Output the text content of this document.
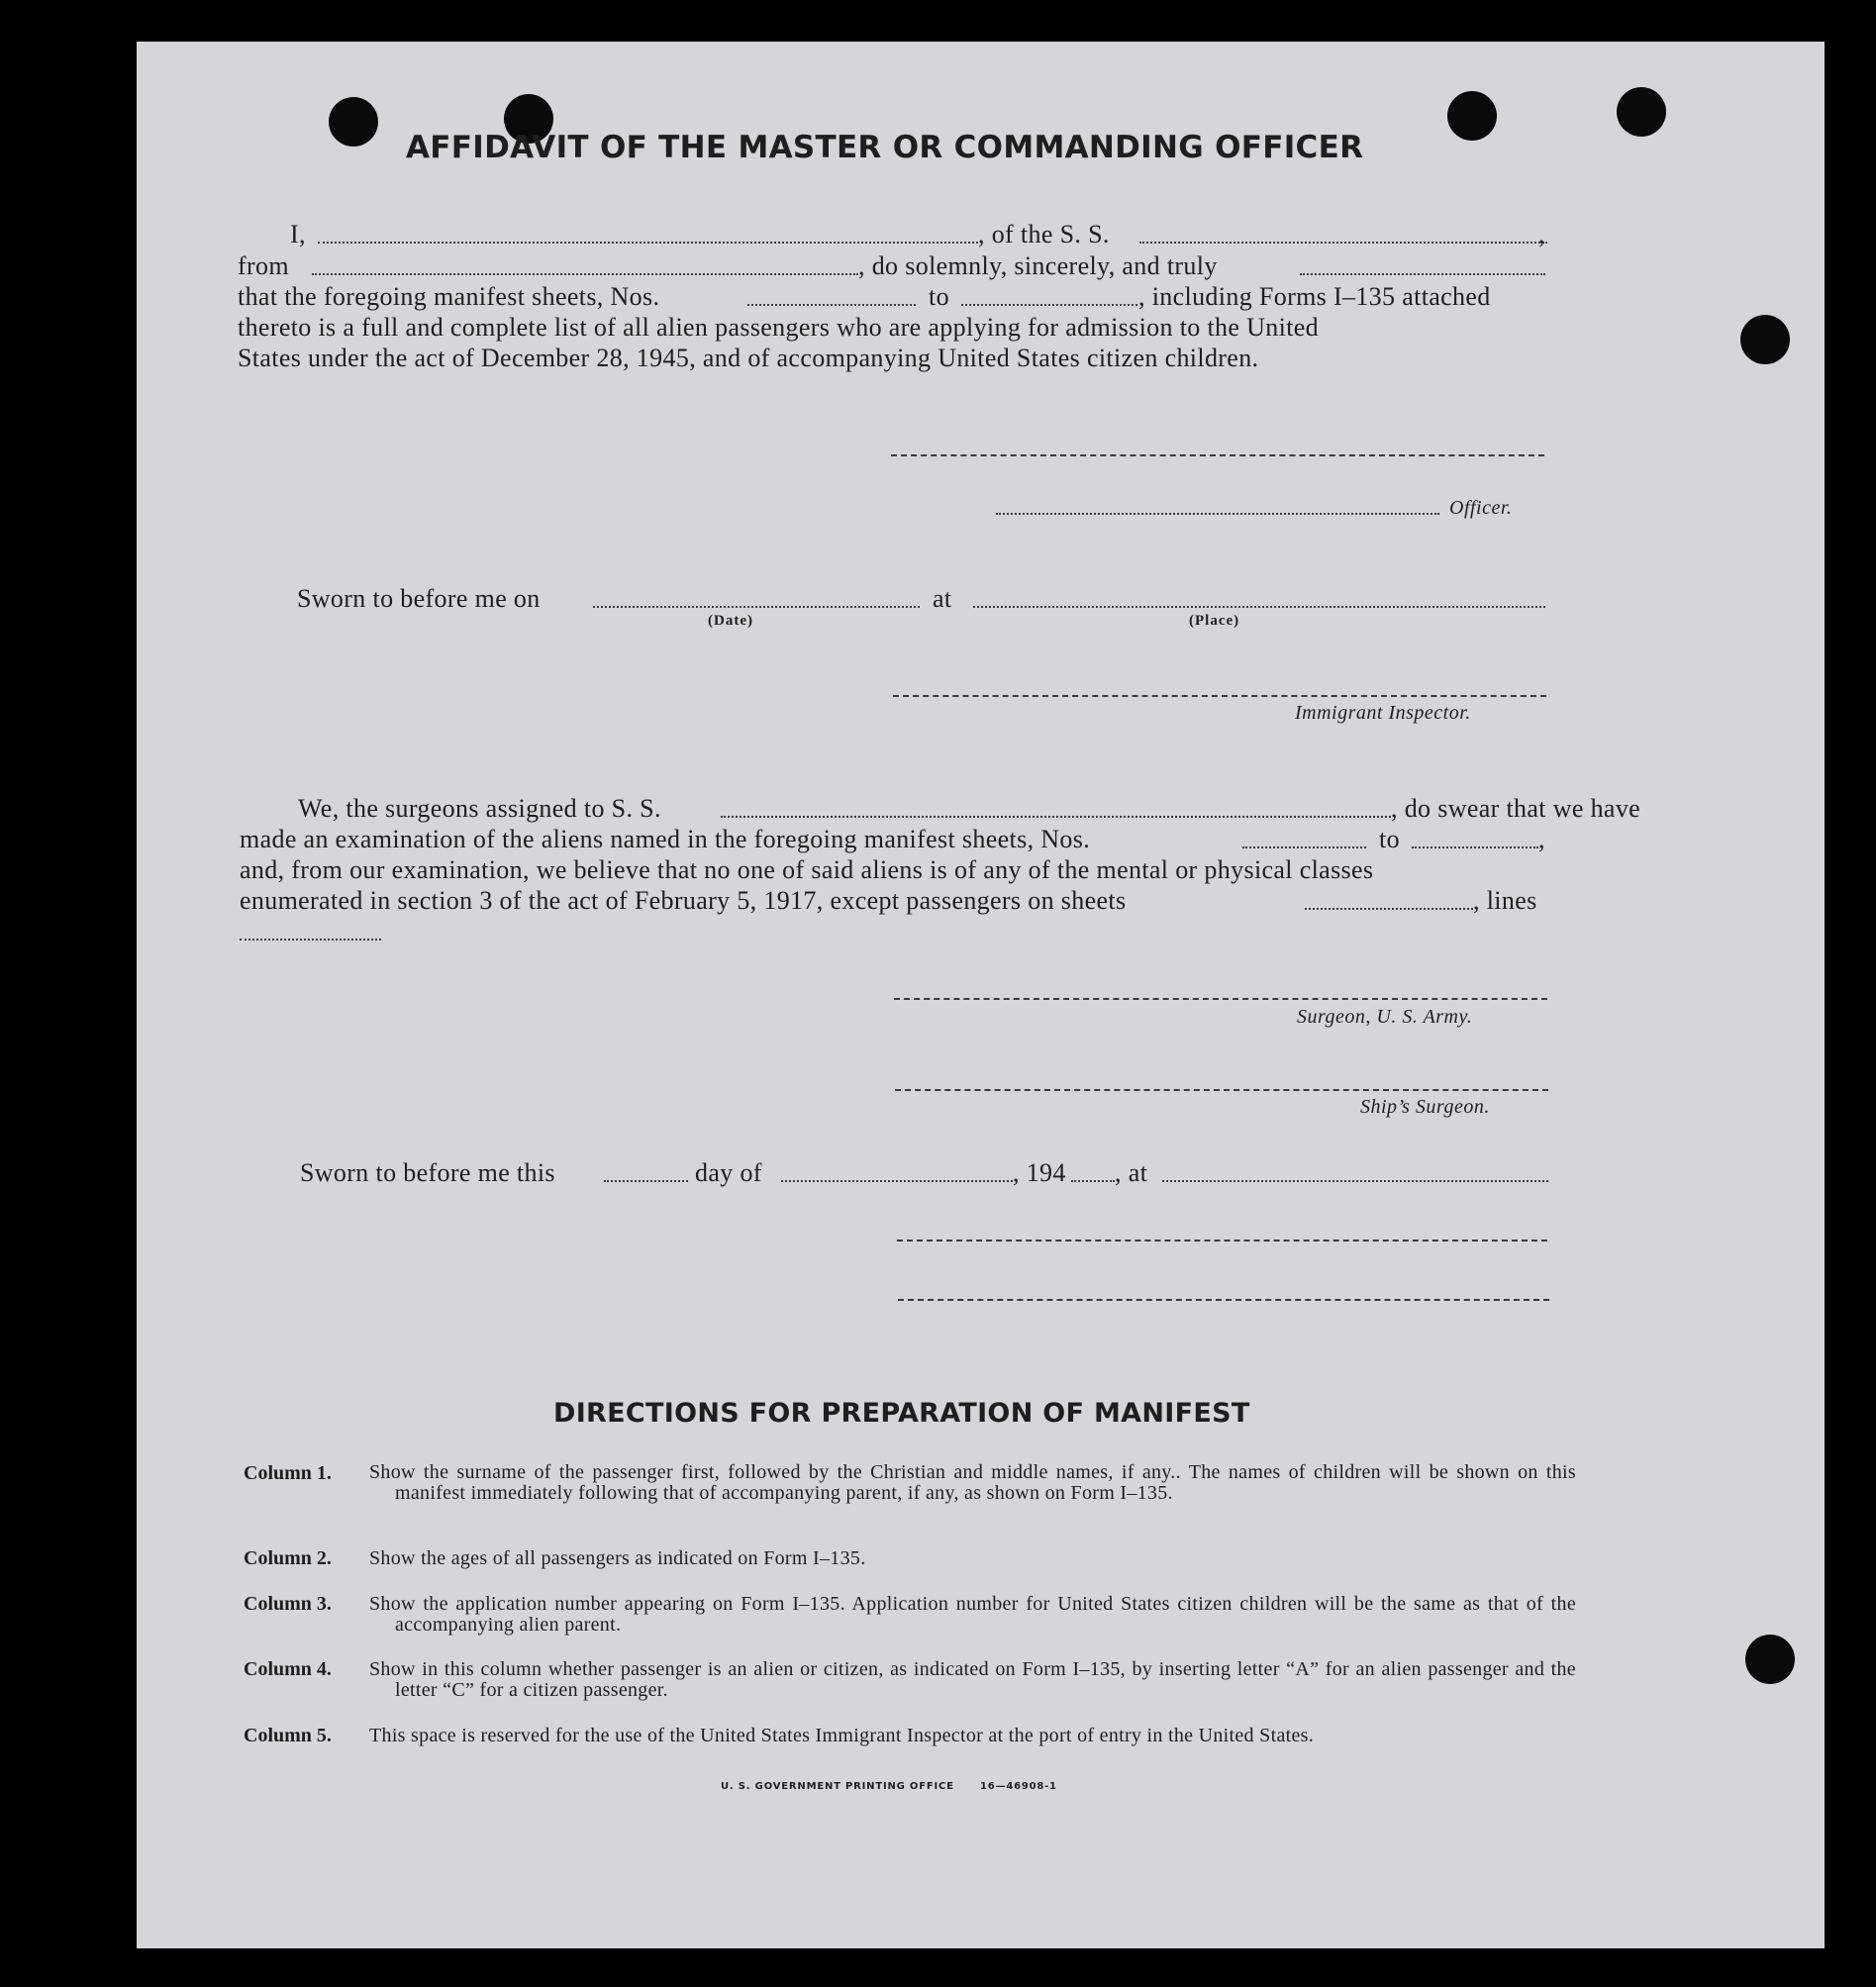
AFFIDAVIT OF THE MASTER OR COMMANDING OFFICER
I,	, of the S. S.	,
from	, do solemnly, sincerely, and truly
that the foregoing manifest sheets, Nos.	to	, including Forms I–135 attached
thereto is a full and complete list of all alien passengers who are applying for admission to the United
States under the act of December 28, 1945, and of accompanying United States citizen children.
Officer.
Sworn to before me on	at
(Date)	(Place)
Immigrant Inspector.
We, the surgeons assigned to S. S.	, do swear that we have
made an examination of the aliens named in the foregoing manifest sheets, Nos.	to	,
and, from our examination, we believe that no one of said aliens is of any of the mental or physical classes
enumerated in section 3 of the act of February 5, 1917, except passengers on sheets	, lines
Surgeon, U. S. Army.
Ship’s Surgeon.
Sworn to before me this	day of	, 194 , at
DIRECTIONS FOR PREPARATION OF MANIFEST
Column 1. Show the surname of the passenger first, followed by the Christian and middle names, if any.. The names of children will be shown on this manifest immediately following that of accompanying parent, if any, as shown on Form I–135.
Column 2. Show the ages of all passengers as indicated on Form I–135.
Column 3. Show the application number appearing on Form I–135. Application number for United States citizen children will be the same as that of the accompanying alien parent.
Column 4. Show in this column whether passenger is an alien or citizen, as indicated on Form I–135, by inserting letter “A” for an alien passenger and the letter “C” for a citizen passenger.
Column 5. This space is reserved for the use of the United States Immigrant Inspector at the port of entry in the United States.
U. S. GOVERNMENT PRINTING OFFICE	16—46908-1
